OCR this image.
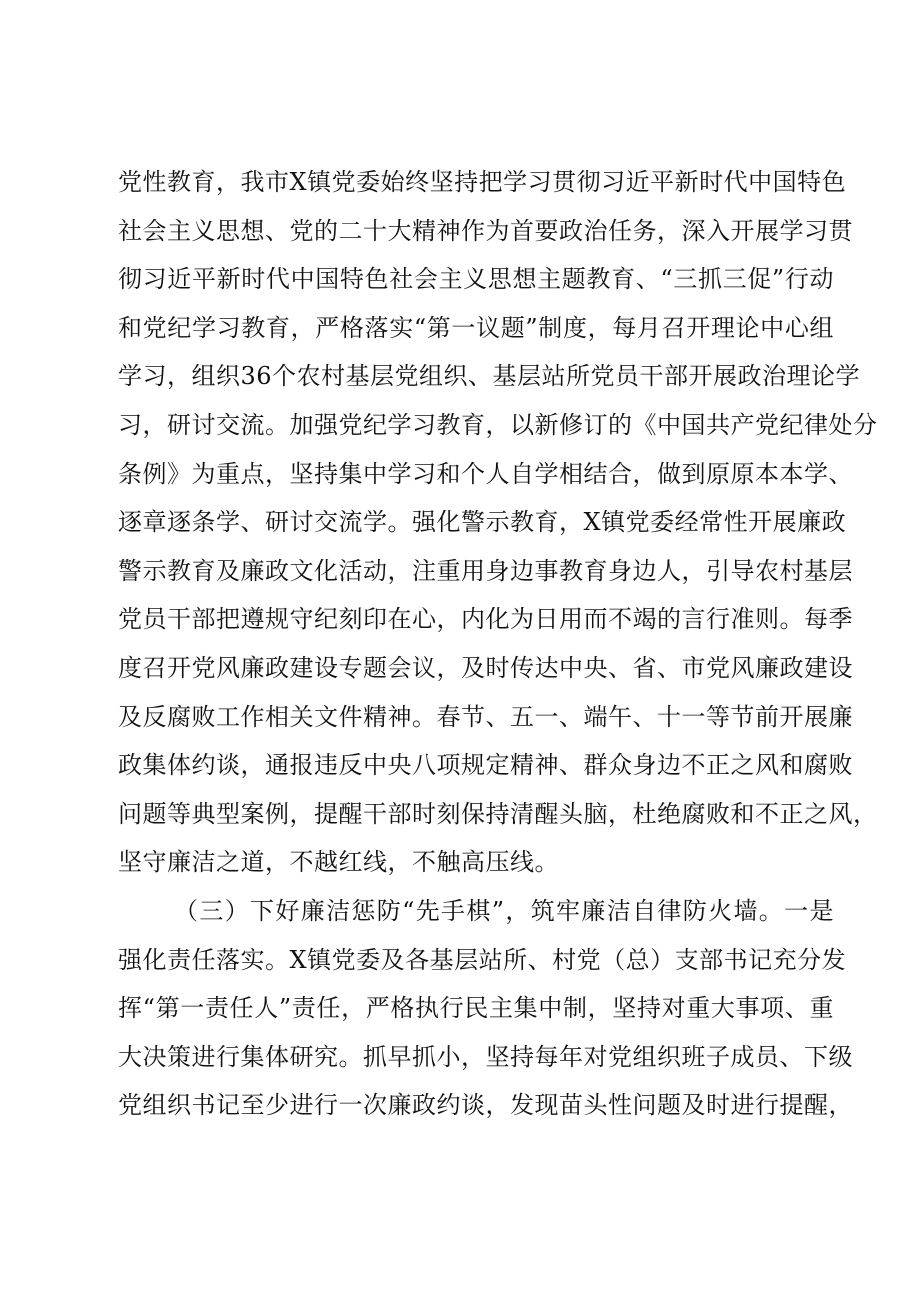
党性教育，我市X镇党委始终坚持把学习贯彻习近平新时代中国特色
社会主义思想、党的二十大精神作为首要政治任务，深入开展学习贯
彻习近平新时代中国特色社会主义思想主题教育、“三抓三促”行动
和党纪学习教育，严格落实“第一议题”制度，每月召开理论中心组
学习，组织36个农村基层党组织、基层站所党员干部开展政治理论学
习，研讨交流。加强党纪学习教育，以新修订的《中国共产党纪律处分
条例》为重点，坚持集中学习和个人自学相结合，做到原原本本学、
逐章逐条学、研讨交流学。强化警示教育，X镇党委经常性开展廉政
警示教育及廉政文化活动，注重用身边事教育身边人，引导农村基层
党员干部把遵规守纪刻印在心，内化为日用而不竭的言行准则。每季
度召开党风廉政建设专题会议，及时传达中央、省、市党风廉政建设
及反腐败工作相关文件精神。春节、五一、端午、十一等节前开展廉
政集体约谈，通报违反中央八项规定精神、群众身边不正之风和腐败
问题等典型案例，提醒干部时刻保持清醒头脑，杜绝腐败和不正之风，
坚守廉洁之道，不越红线，不触高压线。
（三）下好廉洁惩防“先手棋”，筑牢廉洁自律防火墙。一是
强化责任落实。X镇党委及各基层站所、村党（总）支部书记充分发
挥“第一责任人”责任，严格执行民主集中制，坚持对重大事项、重
大决策进行集体研究。抓早抓小，坚持每年对党组织班子成员、下级
党组织书记至少进行一次廉政约谈，发现苗头性问题及时进行提醒，
